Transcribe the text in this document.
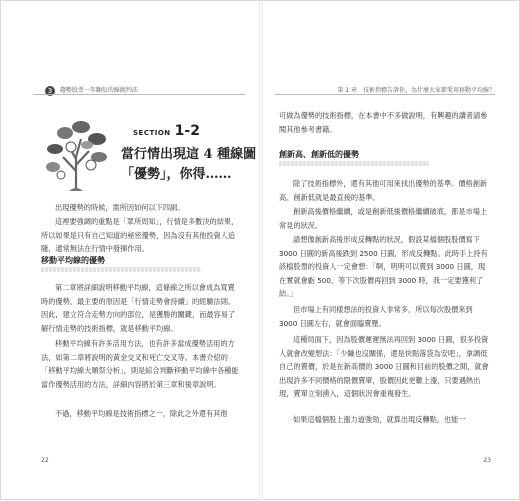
3 趨勢股票一年翻倍的線圖判法
SECTION 1-2
當行情出現這 4 種線圖
「優勢」，你得……
出現優勢的時候，需所因如何以下四副。
這裡要強調的重點是「眾所周知」，行情是多數決的結果，所以如果是只有自己知道的秘密優勢，因為沒有其他投資人追隨，通常無法在行情中發揮作用。
移動平均線的優勢
第二章將詳細說明移動平均線，這條線之所以會成為買賣時的優勢，最主要的原因是「行情走勢會持續」的經驗法則。因此，建立符合走勢方向的部位，是獲勝的關鍵，而最容易了解行情走勢的技術指標，就是移動平均線。
移動平均線有許多活用方法，也有許多當成優勢活用的方法，如第二章將說明的黃金交叉和死亡交叉等。本書介紹的「移動平均線大順祭分析」，則是綜合判斷移動平均線中各種能當作優勢活用的方法，詳細內容將於第三章和後章說明。
不過，移動平均線是技術指標之一，除此之外還有其他
22
第 1 章　技術指標告訴你，為什麼大家都愛用移動平均線？
可做為優勢的技術指標，在本書中不多做說明，有興趣的讀者請參閱其他參考書籍。
創新高、創新低的優勢
除了技術指標外，還有其他可用來找出優勢的基準。價格創新高、創新低就是最直接的基準。
創新高後價格繼續，或是創新低後價格繼續破底，都是市場上常見的狀況。
請想像創新高後形成反轉點的狀況，假設某檔個股股價寫下 3000 日圓的新高後跌到 2500 日圓，形成反轉點。此時手上持有該檔股票的投資人一定會想：「啊，明明可以賣到 3000 日圓，現在實就會虧 500。等下次股價再回到 3000 時，我一定要獲利了結。」
但市場上有同樣想法的投資人非常多，所以每次股價來到 3000 日圓左右，就會面臨賣壓。
這種局面下，因為股價遲遲無法再回到 3000 日圓，很多投資人就會改變想法：「少賺也沒關係，還是快點落袋為安吧」，拿調低自己的賣價，於是在新高價的 3000 日圓和目前的股價之間，就會出現許多不同價格的限價賣單，股價因此更難上漲，只要遇熱出現，賣單立刻湧入，這個狀況會重複發生。
如果這檔個股上漲力道強勁，就算出現反轉點，也能一
23
